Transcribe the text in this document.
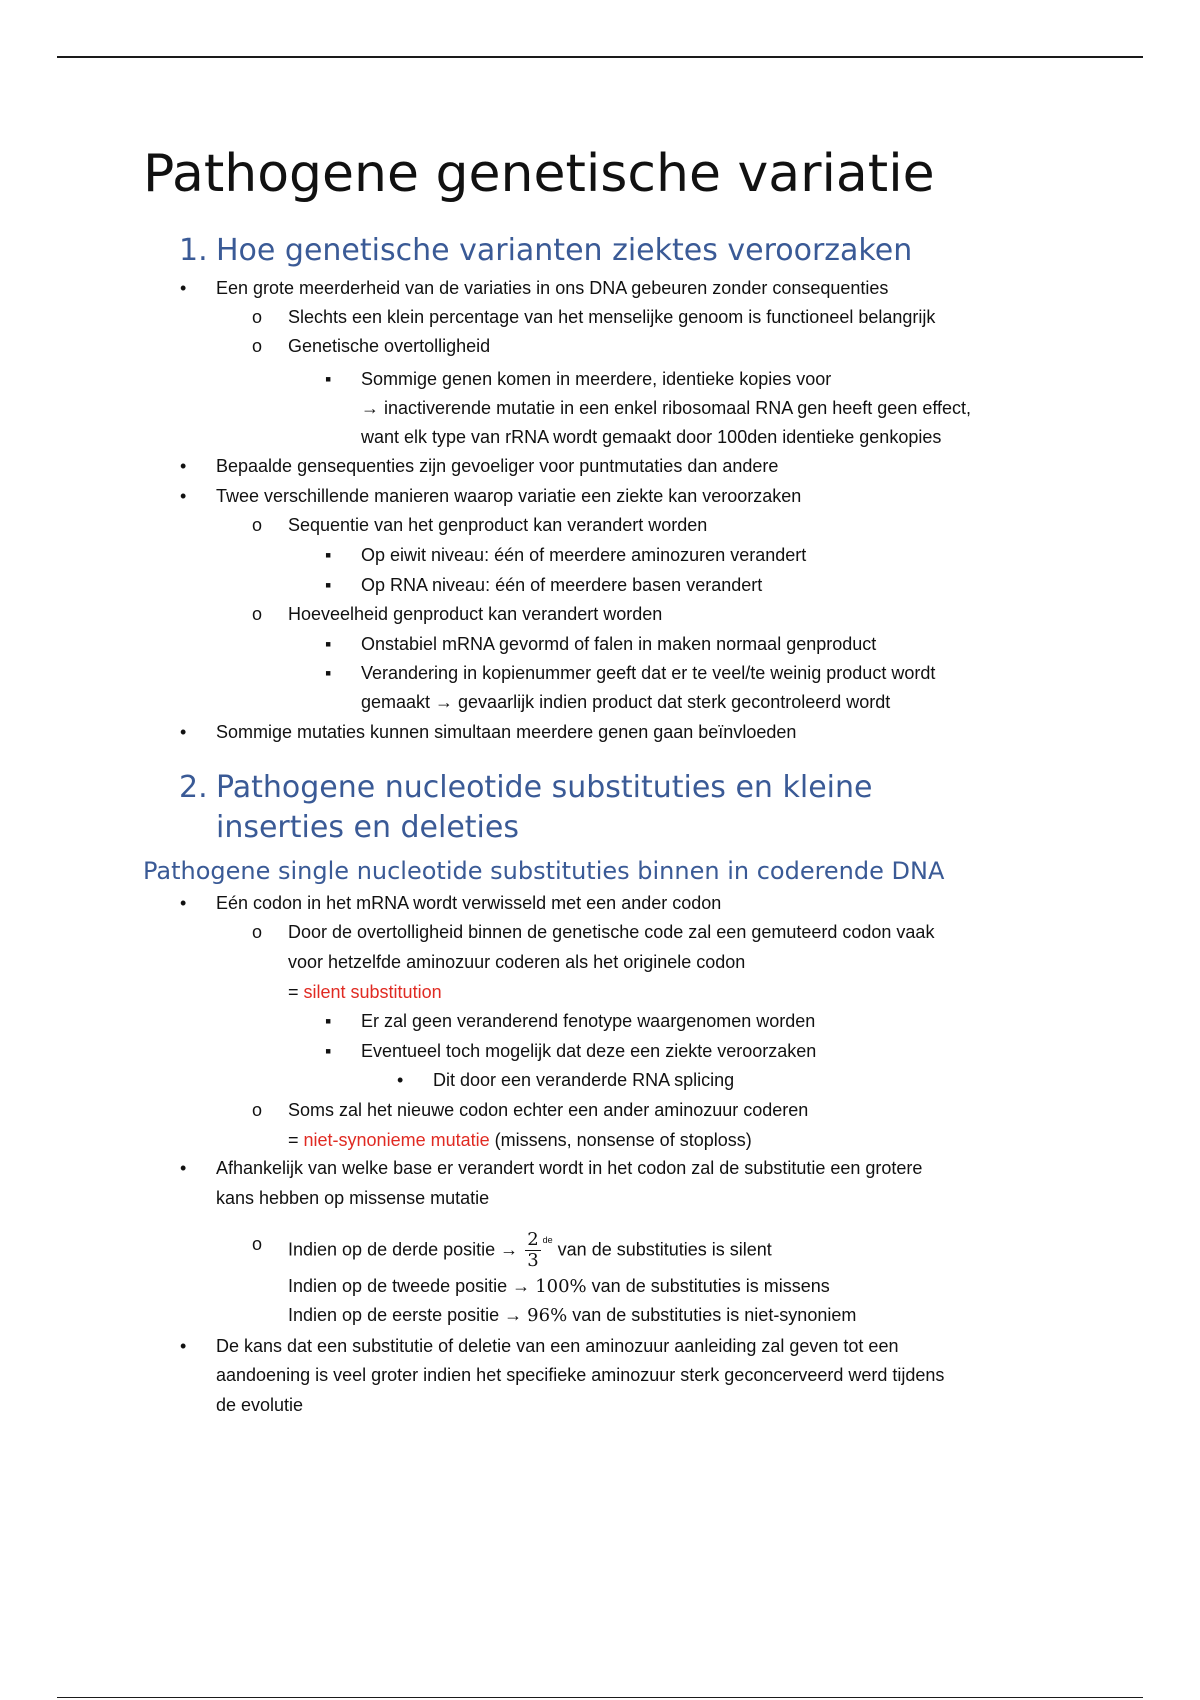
Pathogene genetische variatie
1. Hoe genetische varianten ziektes veroorzaken
• Een grote meerderheid van de variaties in ons DNA gebeuren zonder consequenties
o Slechts een klein percentage van het menselijke genoom is functioneel belangrijk
o Genetische overtolligheid
▪ Sommige genen komen in meerdere, identieke kopies voor
→ inactiverende mutatie in een enkel ribosomaal RNA gen heeft geen effect,
want elk type van rRNA wordt gemaakt door 100den identieke genkopies
• Bepaalde gensequenties zijn gevoeliger voor puntmutaties dan andere
• Twee verschillende manieren waarop variatie een ziekte kan veroorzaken
o Sequentie van het genproduct kan verandert worden
▪ Op eiwit niveau: één of meerdere aminozuren verandert
▪ Op RNA niveau: één of meerdere basen verandert
o Hoeveelheid genproduct kan verandert worden
▪ Onstabiel mRNA gevormd of falen in maken normaal genproduct
▪ Verandering in kopienummer geeft dat er te veel/te weinig product wordt
gemaakt → gevaarlijk indien product dat sterk gecontroleerd wordt
• Sommige mutaties kunnen simultaan meerdere genen gaan beïnvloeden
2. Pathogene nucleotide substituties en kleine
inserties en deleties
Pathogene single nucleotide substituties binnen in coderende DNA
• Eén codon in het mRNA wordt verwisseld met een ander codon
o Door de overtolligheid binnen de genetische code zal een gemuteerd codon vaak
voor hetzelfde aminozuur coderen als het originele codon
= silent substitution
▪ Er zal geen veranderend fenotype waargenomen worden
▪ Eventueel toch mogelijk dat deze een ziekte veroorzaken
• Dit door een veranderde RNA splicing
o Soms zal het nieuwe codon echter een ander aminozuur coderen
= niet-synonieme mutatie (missens, nonsense of stoploss)
• Afhankelijk van welke base er verandert wordt in het codon zal de substitutie een grotere
kans hebben op missense mutatie
o Indien op de derde positie → $\frac{2}{3} ^{de}$ van de substituties is silent
Indien op de tweede positie → 100% van de substituties is missens
Indien op de eerste positie → 96% van de substituties is niet-synoniem
• De kans dat een substitutie of deletie van een aminozuur aanleiding zal geven tot een
aandoening is veel groter indien het specifieke aminozuur sterk geconcerveerd werd tijdens
de evolutie
